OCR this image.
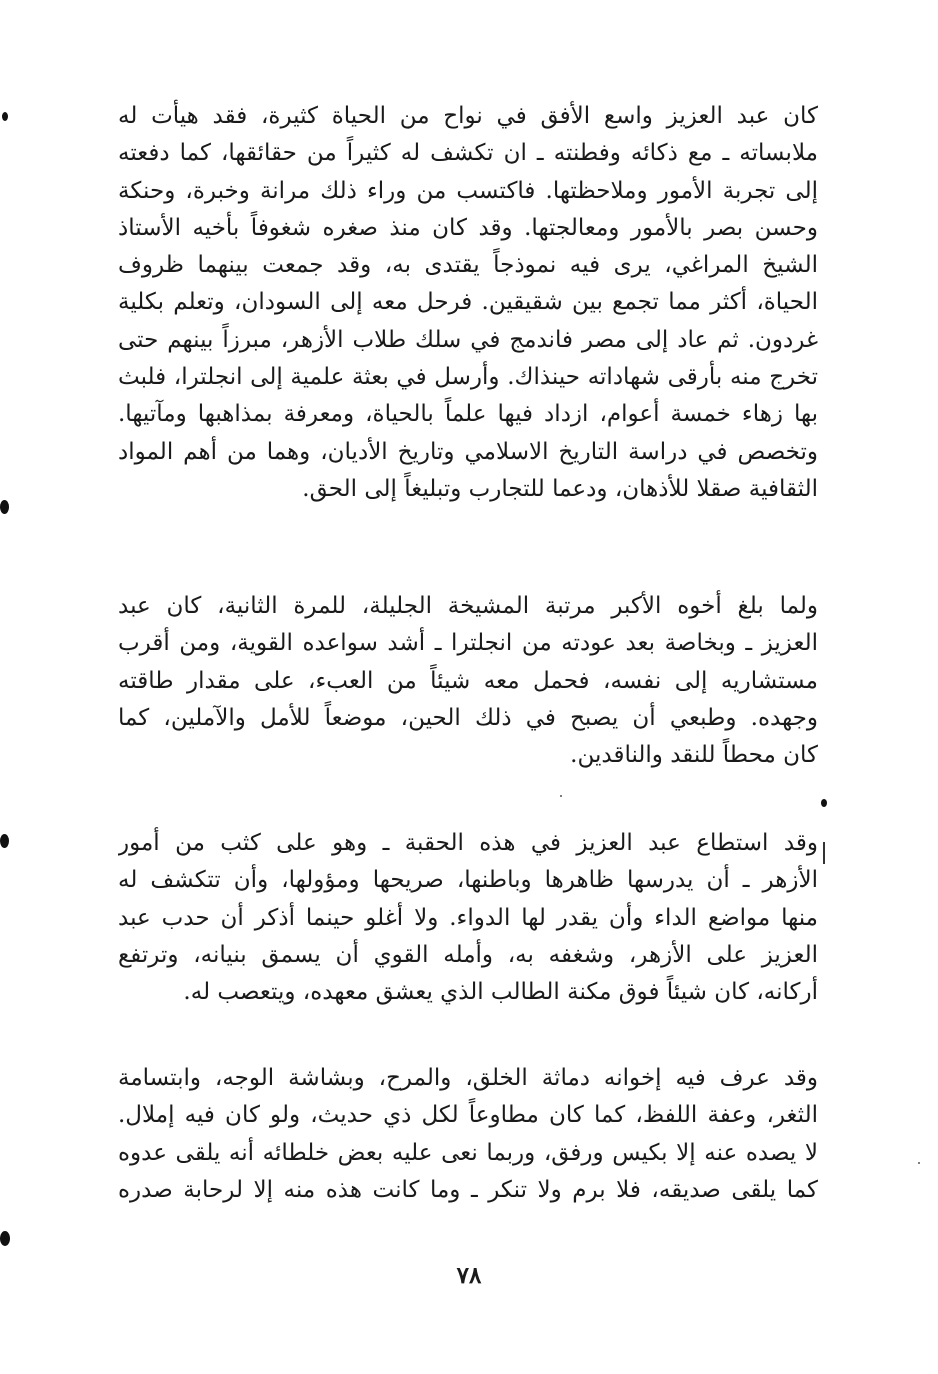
كان عبد العزيز واسع الأفق في نواح من الحياة كثيرة، فقد هيأت له
ملابساته ـ مع ذكائه وفطنته ـ ان تكشف له كثيراً من حقائقها، كما دفعته
إلى تجربة الأمور وملاحظتها. فاكتسب من وراء ذلك مرانة وخبرة، وحنكة
وحسن بصر بالأمور ومعالجتها. وقد كان منذ صغره شغوفاً بأخيه الأستاذ
الشيخ المراغي، يرى فيه نموذجاً يقتدى به، وقد جمعت بينهما ظروف
الحياة، أكثر مما تجمع بين شقيقين. فرحل معه إلى السودان، وتعلم بكلية
غردون. ثم عاد إلى مصر فاندمج في سلك طلاب الأزهر، مبرزاً بينهم حتى
تخرج منه بأرقى شهاداته حينذاك. وأرسل في بعثة علمية إلى انجلترا، فلبث
بها زهاء خمسة أعوام، ازداد فيها علماً بالحياة، ومعرفة بمذاهبها ومآتيها.
وتخصص في دراسة التاريخ الاسلامي وتاريخ الأديان، وهما من أهم المواد
الثقافية صقلا للأذهان، ودعما للتجارب وتبليغاً إلى الحق.
ولما بلغ أخوه الأكبر مرتبة المشيخة الجليلة، للمرة الثانية، كان عبد
العزيز ـ وبخاصة بعد عودته من انجلترا ـ أشد سواعده القوية، ومن أقرب
مستشاريه إلى نفسه، فحمل معه شيئاً من العبء، على مقدار طاقته
وجهده. وطبعي أن يصبح في ذلك الحين، موضعاً للأمل والآملين، كما
كان محطاً للنقد والناقدين.
وقد استطاع عبد العزيز في هذه الحقبة ـ وهو على كثب من أمور
الأزهر ـ أن يدرسها ظاهرها وباطنها، صريحها ومؤولها، وأن تتكشف له
منها مواضع الداء وأن يقدر لها الدواء. ولا أغلو حينما أذكر أن حدب عبد
العزيز على الأزهر، وشغفه به، وأمله القوي أن يسمق بنيانه، وترتفع
أركانه، كان شيئاً فوق مكنة الطالب الذي يعشق معهده، ويتعصب له.
وقد عرف فيه إخوانه دماثة الخلق، والمرح، وبشاشة الوجه، وابتسامة
الثغر، وعفة اللفظ، كما كان مطاوعاً لكل ذي حديث، ولو كان فيه إملال.
لا يصده عنه إلا بكيس ورفق، وربما نعى عليه بعض خلطائه أنه يلقى عدوه
كما يلقى صديقه، فلا برم ولا تنكر ـ وما كانت هذه منه إلا لرحابة صدره
٧٨
